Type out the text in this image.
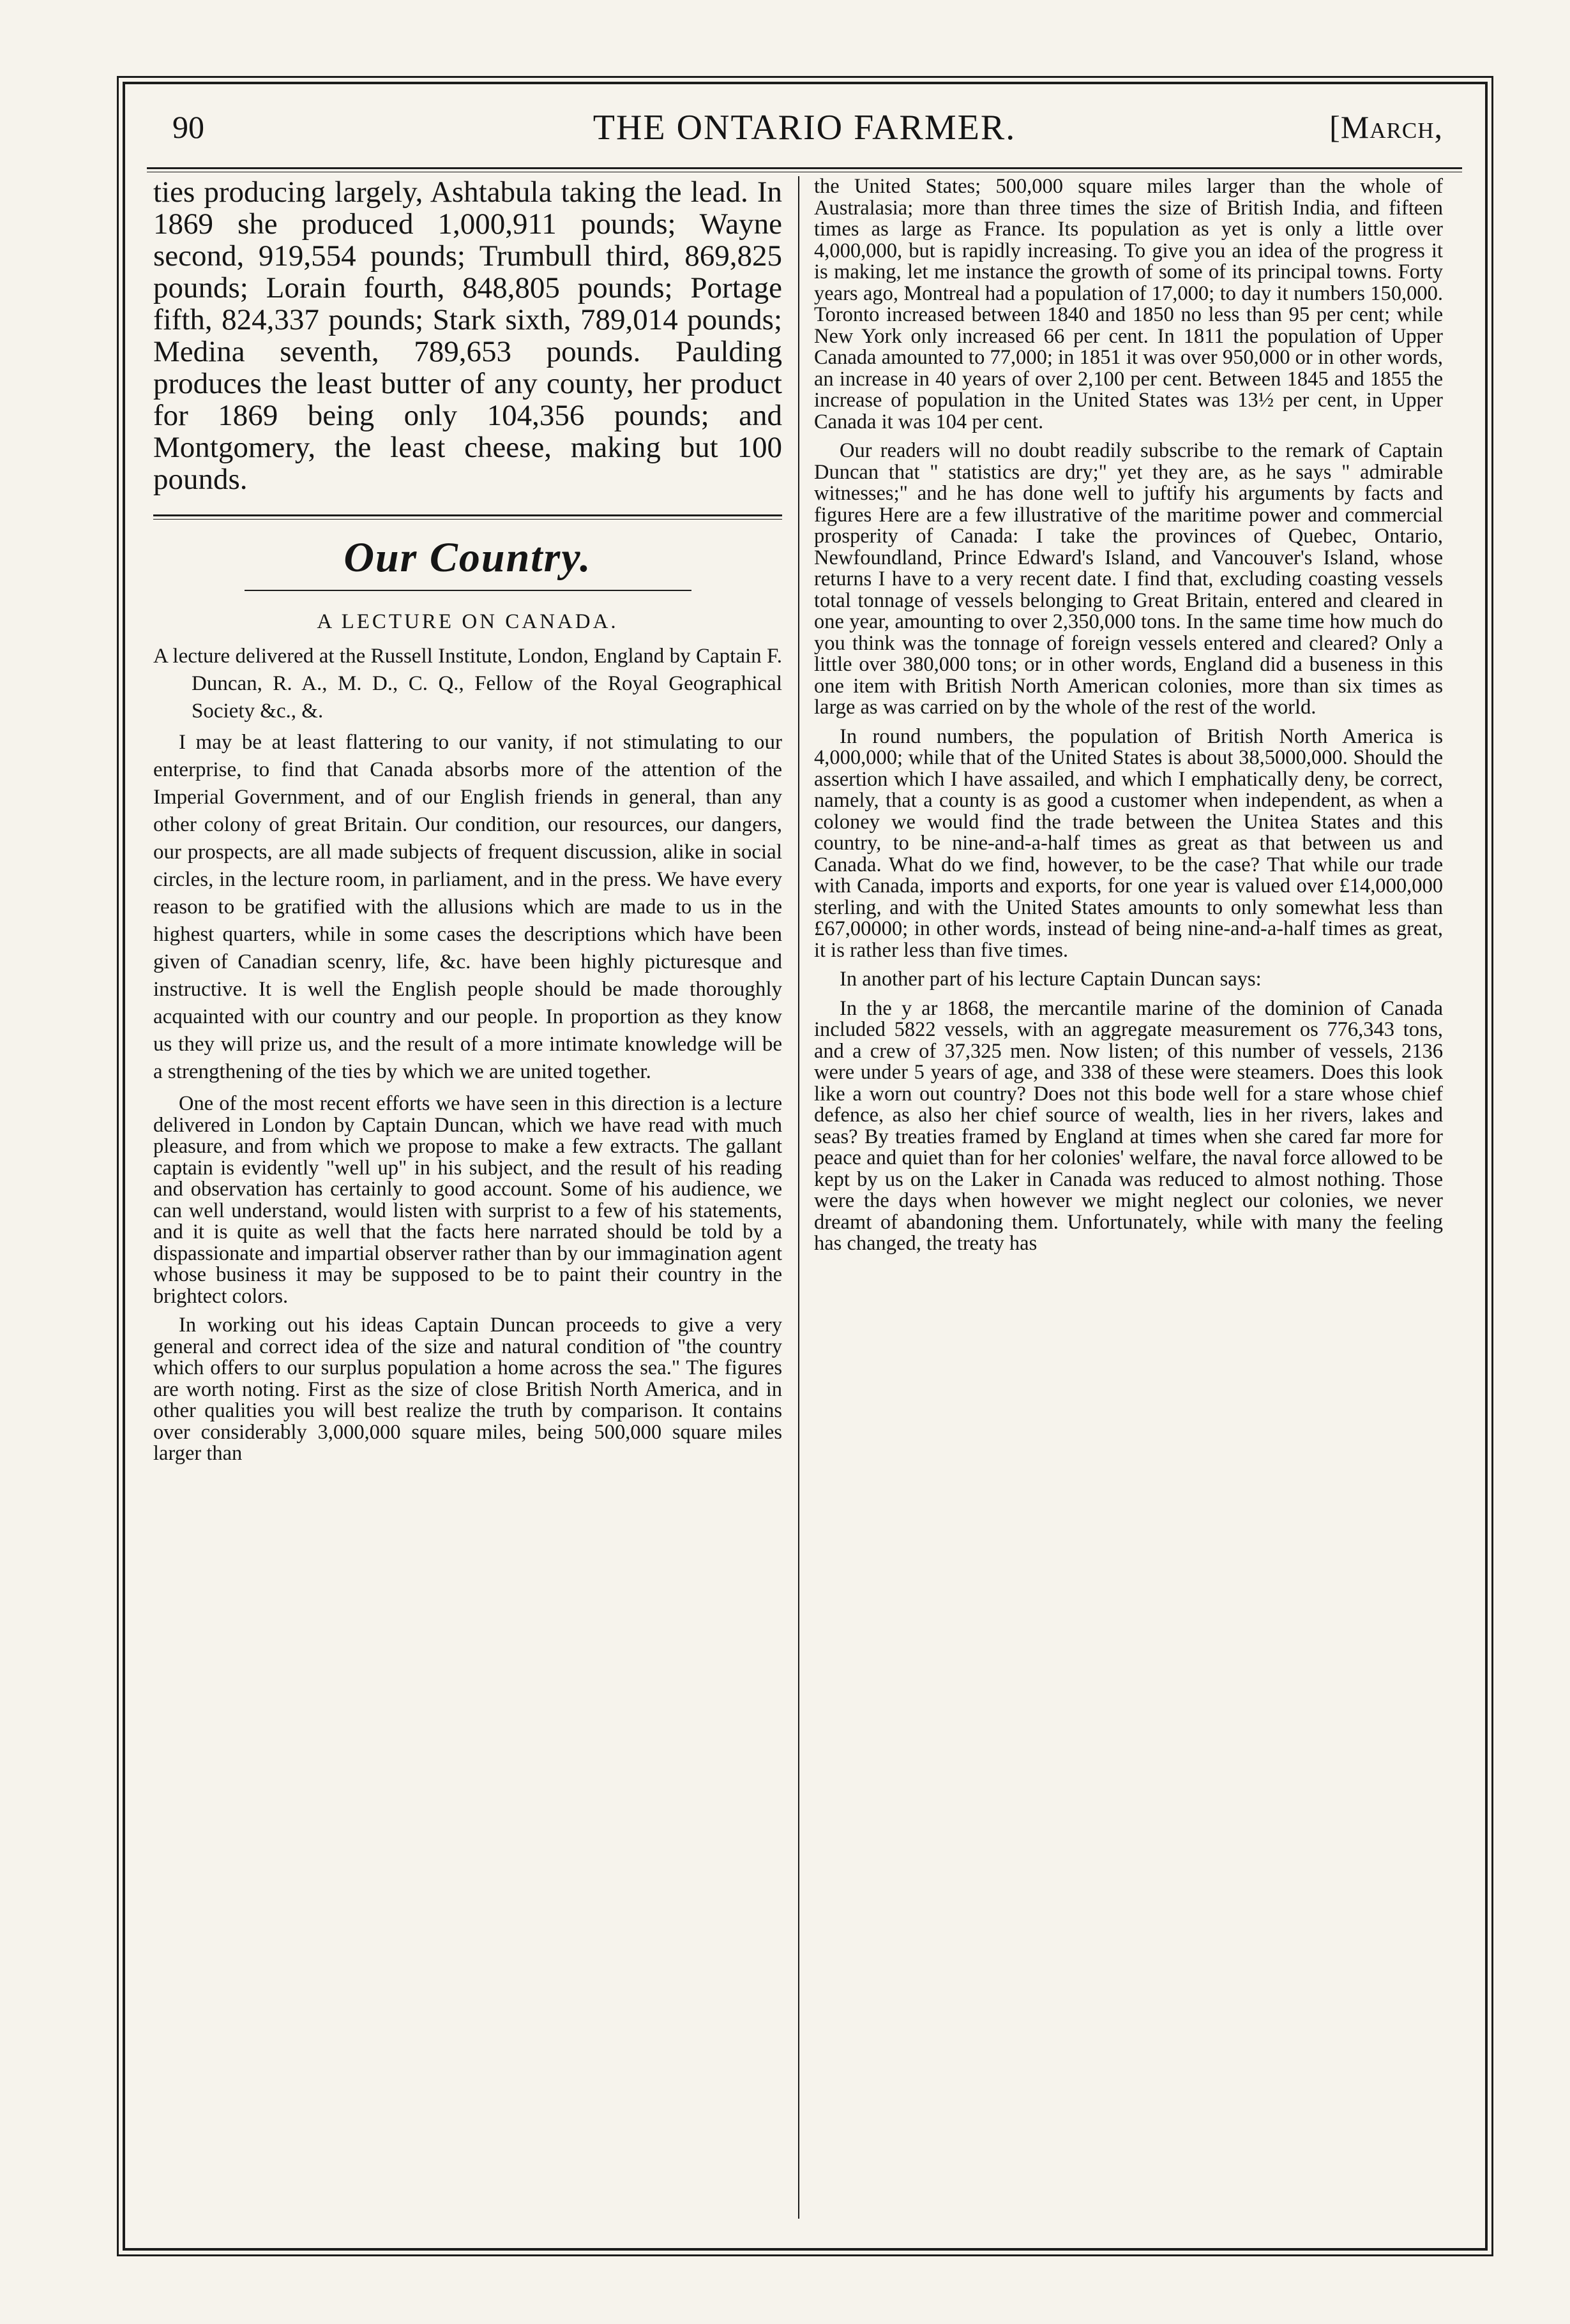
90	THE ONTARIO FARMER.	[March,

ties producing largely, Ashtabula taking the lead. In 1869 she produced 1,000,911 pounds; Wayne second, 919,554 pounds; Trumbull third, 869,825 pounds; Lorain fourth, 848,805 pounds; Portage fifth, 824,337 pounds; Stark sixth, 789,014 pounds; Medina seventh, 789,653 pounds. Paulding produces the least butter of any county, her product for 1869 being only 104,356 pounds; and Montgomery, the least cheese, making but 100 pounds.

Our Country.
A LECTURE ON CANADA.

A lecture delivered at the Russell Institute, London, England by Captain F. Duncan, R. A., M. D., C. Q., Fellow of the Royal Geographical Society &c., &.

I may be at least flattering to our vanity, if not stimulating to our enterprise, to find that Canada absorbs more of the attention of the Imperial Government, and of our English friends in general, than any other colony of great Britain. Our condition, our resources, our dangers, our prospects, are all made subjects of frequent discussion, alike in social circles, in the lecture room, in parliament, and in the press. We have every reason to be gratified with the allusions which are made to us in the highest quarters, while in some cases the descriptions which have been given of Canadian scenry, life, &c. have been highly picturesque and instructive. It is well the English people should be made thoroughly acquainted with our country and our people. In proportion as they know us they will prize us, and the result of a more intimate knowledge will be a strengthening of the ties by which we are united together.

One of the most recent efforts we have seen in this direction is a lecture delivered in London by Captain Duncan, which we have read with much pleasure, and from which we propose to make a few extracts. The gallant captain is evidently "well up" in his subject, and the result of his reading and observation has certainly to good account. Some of his audience, we can well understand, would listen with surprist to a few of his statements, and it is quite as well that the facts here narrated should be told by a dispassionate and impartial observer rather than by our immagination agent whose business it may be supposed to be to paint their country in the brightect colors.

In working out his ideas Captain Duncan proceeds to give a very general and correct idea of the size and natural condition of "the country which offers to our surplus population a home across the sea." The figures are worth noting. First as the size of close British North America, and in other qualities you will best realize the truth by comparison. It contains over considerably 3,000,000 square miles, being 500,000 square miles larger than

the United States; 500,000 square miles larger than the whole of Australasia; more than three times the size of British India, and fifteen times as large as France. Its population as yet is only a little over 4,000,000, but is rapidly increasing. To give you an idea of the progress it is making, let me instance the growth of some of its principal towns. Forty years ago, Montreal had a population of 17,000; to day it numbers 150,000. Toronto increased between 1840 and 1850 no less than 95 per cent; while New York only increased 66 per cent. In 1811 the population of Upper Canada amounted to 77,000; in 1851 it was over 950,000 or in other words, an increase in 40 years of over 2,100 per cent. Between 1845 and 1855 the increase of population in the United States was 13½ per cent, in Upper Canada it was 104 per cent.

Our readers will no doubt readily subscribe to the remark of Captain Duncan that " statistics are dry;" yet they are, as he says " admirable witnesses;" and he has done well to juftify his arguments by facts and figures Here are a few illustrative of the maritime power and commercial prosperity of Canada: I take the provinces of Quebec, Ontario, Newfoundland, Prince Edward's Island, and Vancouver's Island, whose returns I have to a very recent date. I find that, excluding coasting vessels total tonnage of vessels belonging to Great Britain, entered and cleared in one year, amounting to over 2,350,000 tons. In the same time how much do you think was the tonnage of foreign vessels entered and cleared? Only a little over 380,000 tons; or in other words, England did a buseness in this one item with British North American colonies, more than six times as large as was carried on by the whole of the rest of the world.

In round numbers, the population of British North America is 4,000,000; while that of the United States is about 38,5000,000. Should the assertion which I have assailed, and which I emphatically deny, be correct, namely, that a county is as good a customer when independent, as when a coloney we would find the trade between the Unitea States and this country, to be nine-and-a-half times as great as that between us and Canada. What do we find, however, to be the case? That while our trade with Canada, imports and exports, for one year is valued over £14,000,000 sterling, and with the United States amounts to only somewhat less than £67,00000; in other words, instead of being nine-and-a-half times as great, it is rather less than five times.

In another part of his lecture Captain Duncan says:

In the y ar 1868, the mercantile marine of the dominion of Canada included 5822 vessels, with an aggregate measurement os 776,343 tons, and a crew of 37,325 men. Now listen; of this number of vessels, 2136 were under 5 years of age, and 338 of these were steamers. Does this look like a worn out country? Does not this bode well for a stare whose chief defence, as also her chief source of wealth, lies in her rivers, lakes and seas? By treaties framed by England at times when she cared far more for peace and quiet than for her colonies' welfare, the naval force allowed to be kept by us on the Laker in Canada was reduced to almost nothing. Those were the days when however we might neglect our colonies, we never dreamt of abandoning them. Unfortunately, while with many the feeling has changed, the treaty has
